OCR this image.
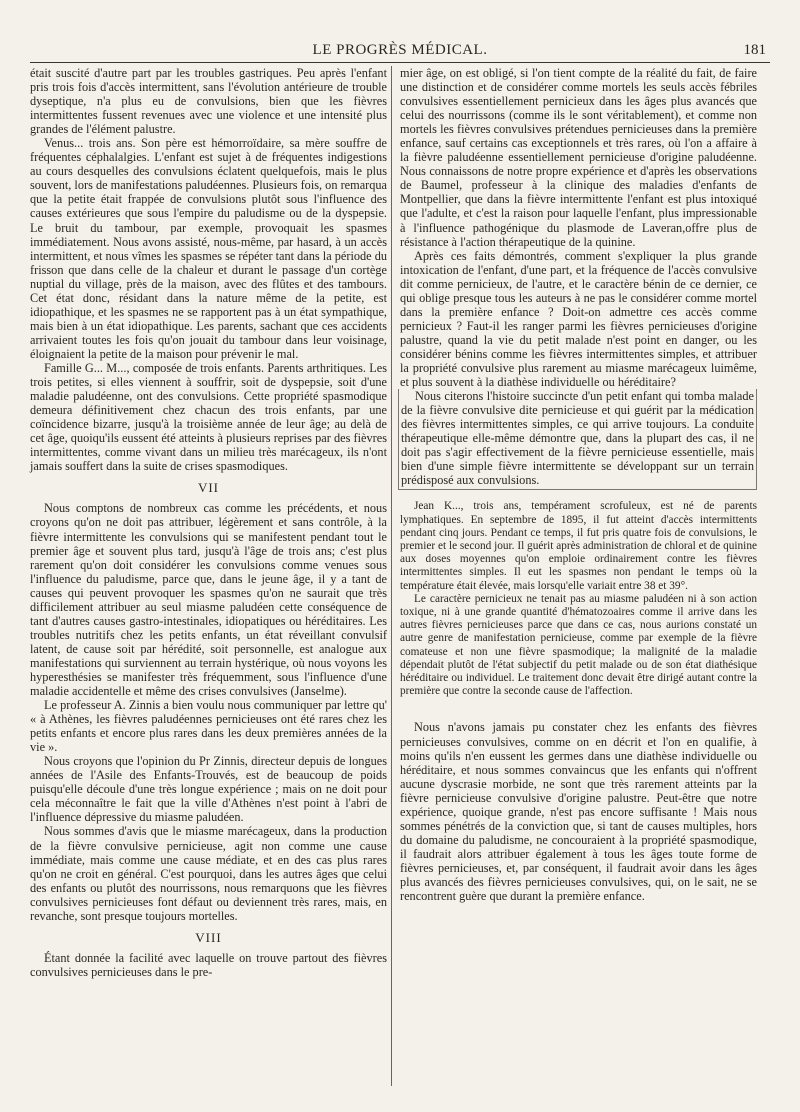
LE PROGRÈS MÉDICAL.	181

était suscité d'autre part par les troubles gastriques. Peu après l'enfant pris trois fois d'accès intermittent, sans l'évolution antérieure de trouble dyseptique, n'a plus eu de convulsions, bien que les fièvres intermittentes fussent revenues avec une violence et une intensité plus grandes de l'élément palustre.

Venus... trois ans. Son père est hémorroïdaire, sa mère souffre de fréquentes céphalalgies. L'enfant est sujet à de fréquentes indigestions au cours desquelles des convulsions éclatent quelquefois, mais le plus souvent, lors de manifestations paludéennes. Plusieurs fois, on remarqua que la petite était frappée de convulsions plutôt sous l'influence des causes extérieures que sous l'empire du paludisme ou de la dyspepsie. Le bruit du tambour, par exemple, provoquait les spasmes immédiatement. Nous avons assisté, nous-même, par hasard, à un accès intermittent, et nous vîmes les spasmes se répéter tant dans la période du frisson que dans celle de la chaleur et durant le passage d'un cortège nuptial du village, près de la maison, avec des flûtes et des tambours. Cet état donc, résidant dans la nature même de la petite, est idiopathique, et les spasmes ne se rapportent pas à un état sympathique, mais bien à un état idiopathique. Les parents, sachant que ces accidents arrivaient toutes les fois qu'on jouait du tambour dans leur voisinage, éloignaient la petite de la maison pour prévenir le mal.

Famille G... M..., composée de trois enfants. Parents arthritiques. Les trois petites, si elles viennent à souffrir, soit de dyspepsie, soit d'une maladie paludéenne, ont des convulsions. Cette propriété spasmodique demeura définitivement chez chacun des trois enfants, par une coïncidence bizarre, jusqu'à la troisième année de leur âge; au delà de cet âge, quoiqu'ils eussent été atteints à plusieurs reprises par des fièvres intermittentes, comme vivant dans un milieu très marécageux, ils n'ont jamais souffert dans la suite de crises spasmodiques.

VII

Nous comptons de nombreux cas comme les précédents, et nous croyons qu'on ne doit pas attribuer, légèrement et sans contrôle, à la fièvre intermittente les convulsions qui se manifestent pendant tout le premier âge et souvent plus tard, jusqu'à l'âge de trois ans; c'est plus rarement qu'on doit considérer les convulsions comme venues sous l'influence du paludisme, parce que, dans le jeune âge, il y a tant de causes qui peuvent provoquer les spasmes qu'on ne saurait que très difficilement attribuer au seul miasme paludéen cette conséquence de tant d'autres causes gastro-intestinales, idiopatiques ou héréditaires. Les troubles nutritifs chez les petits enfants, un état réveillant convulsif latent, de cause soit par hérédité, soit personnelle, est analogue aux manifestations qui surviennent au terrain hystérique, où nous voyons les hyperesthésies se manifester très fréquemment, sous l'influence d'une maladie accidentelle et même des crises convulsives (Janselme).

Le professeur A. Zinnis a bien voulu nous communiquer par lettre qu' « à Athènes, les fièvres paludéennes pernicieuses ont été rares chez les petits enfants et encore plus rares dans les deux premières années de la vie ».

Nous croyons que l'opinion du Pr Zinnis, directeur depuis de longues années de l'Asile des Enfants-Trouvés, est de beaucoup de poids puisqu'elle découle d'une très longue expérience ; mais on ne doit pour cela méconnaître le fait que la ville d'Athènes n'est point à l'abri de l'influence dépressive du miasme paludéen.

Nous sommes d'avis que le miasme marécageux, dans la production de la fièvre convulsive pernicieuse, agit non comme une cause immédiate, mais comme une cause médiate, et en des cas plus rares qu'on ne croit en général. C'est pourquoi, dans les autres âges que celui des enfants ou plutôt des nourrissons, nous remarquons que les fièvres convulsives pernicieuses font défaut ou deviennent très rares, mais, en revanche, sont presque toujours mortelles.

VIII

Étant donnée la facilité avec laquelle on trouve partout des fièvres convulsives pernicieuses dans le pre-

mier âge, on est obligé, si l'on tient compte de la réalité du fait, de faire une distinction et de considérer comme mortels les seuls accès fébriles convulsives essentiellement pernicieux dans les âges plus avancés que celui des nourrissons (comme ils le sont véritablement), et comme non mortels les fièvres convulsives prétendues pernicieuses dans la première enfance, sauf certains cas exceptionnels et très rares, où l'on a affaire à la fièvre paludéenne essentiellement pernicieuse d'origine paludéenne. Nous connaissons de notre propre expérience et d'après les observations de Baumel, professeur à la clinique des maladies d'enfants de Montpellier, que dans la fièvre intermittente l'enfant est plus intoxiqué que l'adulte, et c'est la raison pour laquelle l'enfant, plus impressionable à l'influence pathogénique du plasmode de Laveran,offre plus de résistance à l'action thérapeutique de la quinine.

Après ces faits démontrés, comment s'expliquer la plus grande intoxication de l'enfant, d'une part, et la fréquence de l'accès convulsive dit comme pernicieux, de l'autre, et le caractère bénin de ce dernier, ce qui oblige presque tous les auteurs à ne pas le considérer comme mortel dans la première enfance ? Doit-on admettre ces accès comme pernicieux ? Faut-il les ranger parmi les fièvres pernicieuses d'origine palustre, quand la vie du petit malade n'est point en danger, ou les considérer bénins comme les fièvres intermittentes simples, et attribuer la propriété convulsive plus rarement au miasme marécageux luimême, et plus souvent à la diathèse individuelle ou héréditaire?

Nous citerons l'histoire succincte d'un petit enfant qui tomba malade de la fièvre convulsive dite pernicieuse et qui guérit par la médication des fièvres intermittentes simples, ce qui arrive toujours. La conduite thérapeutique elle-même démontre que, dans la plupart des cas, il ne doit pas s'agir effectivement de la fièvre pernicieuse essentielle, mais bien d'une simple fièvre intermittente se développant sur un terrain prédisposé aux convulsions.

Jean K..., trois ans, tempérament scrofuleux, est né de parents lymphatiques. En septembre de 1895, il fut atteint d'accès intermittents pendant cinq jours. Pendant ce temps, il fut pris quatre fois de convulsions, le premier et le second jour. Il guérit après administration de chloral et de quinine aux doses moyennes qu'on emploie ordinairement contre les fièvres intermittentes simples. Il eut les spasmes non pendant le temps où la température était élevée, mais lorsqu'elle variait entre 38 et 39°.

Le caractère pernicieux ne tenait pas au miasme paludéen ni à son action toxique, ni à une grande quantité d'hématozoaires comme il arrive dans les autres fièvres pernicieuses parce que dans ce cas, nous aurions constaté un autre genre de manifestation pernicieuse, comme par exemple de la fièvre comateuse et non une fièvre spasmodique; la malignité de la maladie dépendait plutôt de l'état subjectif du petit malade ou de son état diathésique héréditaire ou individuel. Le traitement donc devait être dirigé autant contre la première que contre la seconde cause de l'affection.

Nous n'avons jamais pu constater chez les enfants des fièvres pernicieuses convulsives, comme on en décrit et l'on en qualifie, à moins qu'ils n'en eussent les germes dans une diathèse individuelle ou héréditaire, et nous sommes convaincus que les enfants qui n'offrent aucune dyscrasie morbide, ne sont que très rarement atteints par la fièvre pernicieuse convulsive d'origine palustre. Peut-être que notre expérience, quoique grande, n'est pas encore suffisante ! Mais nous sommes pénétrés de la conviction que, si tant de causes multiples, hors du domaine du paludisme, ne concouraient à la propriété spasmodique, il faudrait alors attribuer également à tous les âges toute forme de fièvres pernicieuses, et, par conséquent, il faudrait avoir dans les âges plus avancés des fièvres pernicieuses convulsives, qui, on le sait, ne se rencontrent guère que durant la première enfance.
